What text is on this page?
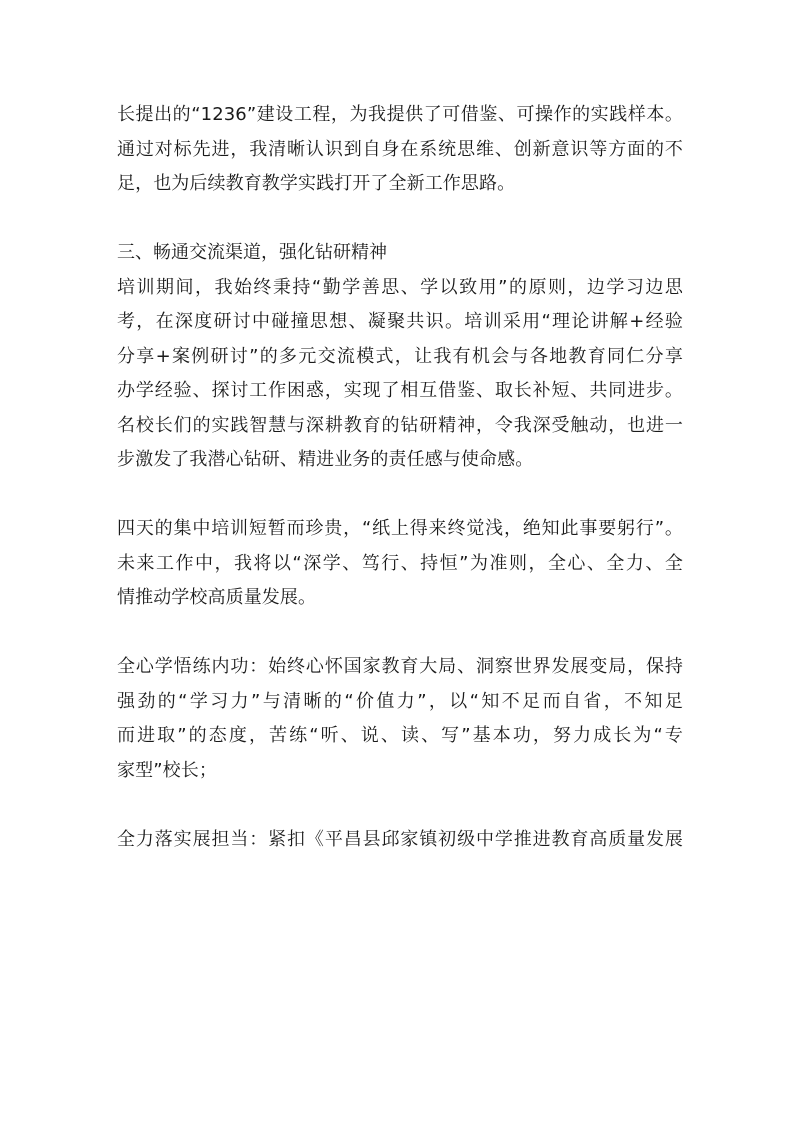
长提出的“1236”建设工程，为我提供了可借鉴、可操作的实践样本。
通过对标先进，我清晰认识到自身在系统思维、创新意识等方面的不
足，也为后续教育教学实践打开了全新工作思路。

三、畅通交流渠道，强化钻研精神

培训期间，我始终秉持“勤学善思、学以致用”的原则，边学习边思
考，在深度研讨中碰撞思想、凝聚共识。培训采用“理论讲解+经验
分享+案例研讨”的多元交流模式，让我有机会与各地教育同仁分享
办学经验、探讨工作困惑，实现了相互借鉴、取长补短、共同进步。
名校长们的实践智慧与深耕教育的钻研精神，令我深受触动，也进一
步激发了我潜心钻研、精进业务的责任感与使命感。

四天的集中培训短暂而珍贵，“纸上得来终觉浅，绝知此事要躬行”。
未来工作中，我将以“深学、笃行、持恒”为准则，全心、全力、全
情推动学校高质量发展。

全心学悟练内功：始终心怀国家教育大局、洞察世界发展变局，保持
强劲的“学习力”与清晰的“价值力”，以“知不足而自省，不知足
而进取”的态度，苦练“听、说、读、写”基本功，努力成长为“专
家型”校长；

全力落实展担当：紧扣《平昌县邱家镇初级中学推进教育高质量发展
